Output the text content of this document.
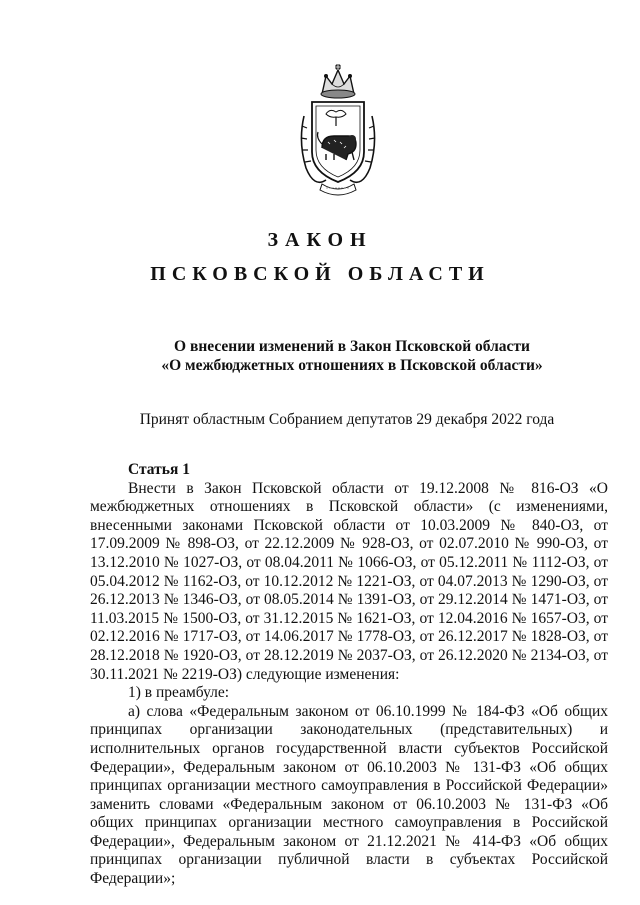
ЗАКОН
ПСКОВСКОЙ ОБЛАСТИ
О внесении изменений в Закон Псковской области
«О межбюджетных отношениях в Псковской области»
Принят областным Собранием депутатов 29 декабря 2022 года
Статья 1
Внести в Закон Псковской области от 19.12.2008 № 816-ОЗ «О межбюджетных отношениях в Псковской области» (с изменениями, внесенными законами Псковской области от 10.03.2009 № 840-ОЗ, от 17.09.2009 № 898-ОЗ, от 22.12.2009 № 928-ОЗ, от 02.07.2010 № 990-ОЗ, от 13.12.2010 № 1027-ОЗ, от 08.04.2011 № 1066-ОЗ, от 05.12.2011 № 1112-ОЗ, от 05.04.2012 № 1162-ОЗ, от 10.12.2012 № 1221-ОЗ, от 04.07.2013 № 1290-ОЗ, от 26.12.2013 № 1346-ОЗ, от 08.05.2014 № 1391-ОЗ, от 29.12.2014 № 1471-ОЗ, от 11.03.2015 № 1500-ОЗ, от 31.12.2015 № 1621-ОЗ, от 12.04.2016 № 1657-ОЗ, от 02.12.2016 № 1717-ОЗ, от 14.06.2017 № 1778-ОЗ, от 26.12.2017 № 1828-ОЗ, от 28.12.2018 № 1920-ОЗ, от 28.12.2019 № 2037-ОЗ, от 26.12.2020 № 2134-ОЗ, от 30.11.2021 № 2219-ОЗ) следующие изменения:
1) в преамбуле:
а) слова «Федеральным законом от 06.10.1999 № 184-ФЗ «Об общих принципах организации законодательных (представительных) и исполнительных органов государственной власти субъектов Российской Федерации», Федеральным законом от 06.10.2003 № 131-ФЗ «Об общих принципах организации местного самоуправления в Российской Федерации» заменить словами «Федеральным законом от 06.10.2003 № 131-ФЗ «Об общих принципах организации местного самоуправления в Российской Федерации», Федеральным законом от 21.12.2021 № 414-ФЗ «Об общих принципах организации публичной власти в субъектах Российской Федерации»;
